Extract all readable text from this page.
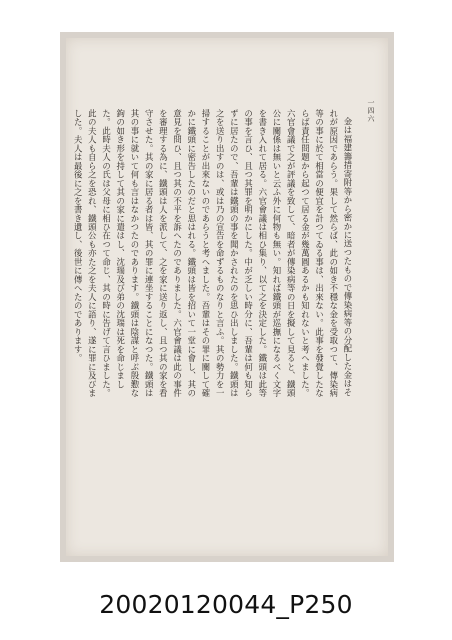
一四六

金は福建籌措寄附等から密かに送つたもので傳染病等の分配した金はそれが原因であらう。果して然らば、此の如き不穩な金を受取つて、傳染病等の事に於て相當の便宜を計つてゐる事は、出來ない。此事を發覺したならば責任問題から起つて居る金が幾萬圓あるかも知れないと考へました。六官會議で之が評議を致して、暗者が傳染病等の日を擬して見ると、鐵頭公に關係は無いと云ふ外に何物も無い。知れば鐵頭が巡撫になるべく文字を書き入れて居る。六官會議は相ひ集り、以て之を決定した。鐵頭は此等の事を言ひ、且つ其罪を明かにした。中が乏しい時分に、吾輩は何も知らずに居たので、吾輩は鐵頭の事を聞かされたのを思ひ出しました。鐵頭は之を送り出すのは、或は乃の宣告を命ずるものなりと言ふ。其の勢力を一掃することが出來ないのであらうと考へました。吾輩はその罪に關して確かに鐵頭に密告したのだと思はれる。鐵頭は皆を招いて一堂に會し、其の意見を問ひ、且つ其の不平を訴へたのでありました。六官會議は此の事件を審理する為に、鐵頭は人を派して、之を家に送り返し、且つ其の家を看守させた。其の家に居る者は皆、其の罪に連坐することになつた。鐵頭は其の事に就いて何も言はなかつたのであります。鐵頭は陰謀と呼ぶ殷懃な鉤の如き形を持して其の家に遣はし、沈瑞及び弟の沈瑞は死を命じました。此時夫人の氏は父母に相ひ在つて命じ、其の時に告げて言ひました。此の夫人も自ら之を恐れ、鐵頭公も亦た之を夫人に語り、遂に罪に及びました。夫人は最後に之を書き遺し、後世に傳へたのであります。

20020120044_P250
